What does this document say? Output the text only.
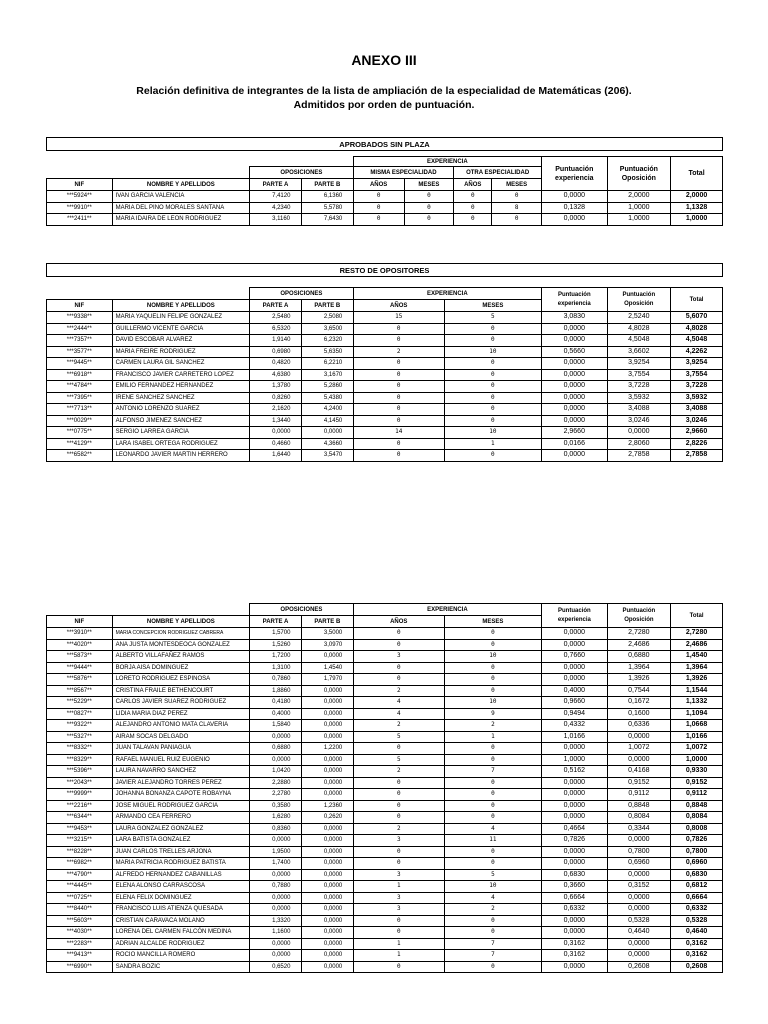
ANEXO III
Relación definitiva de integrantes de la lista de ampliación de la especialidad de Matemáticas (206).
Admitidos por orden de puntuación.
APROBADOS SIN PLAZA										

				EXPERIENCIA				Puntuación experiencia	Puntuación Oposición	Total
		OPOSICIONES		MISMA ESPECIALIDAD		OTRA ESPECIALIDAD				
NIF	NOMBRE Y APELLIDOS	PARTE A	PARTE B	AÑOS	MESES	AÑOS	MESES			
***5924**	IVAN GARCIA VALENCIA	7,4120	6,1360	0	0	0	0	0,0000	2,0000	2,0000
***9910**	MARIA DEL PINO MORALES SANTANA	4,2340	5,5780	0	0	0	8	0,1328	1,0000	1,1328
***2411**	MARIA IDAIRA DE LEON RODRIGUEZ	3,1160	7,6430	0	0	0	0	0,0000	1,0000	1,0000
RESTO DE OPOSITORES								

		OPOSICIONES		EXPERIENCIA		Puntuación experiencia	Puntuación Oposición	Total
NIF	NOMBRE Y APELLIDOS	PARTE A	PARTE B	AÑOS	MESES			
***9338**	MARIA YAQUELIN FELIPE GONZALEZ	2,5480	2,5080	15	5	3,0830	2,5240	5,6070
***2444**	GUILLERMO VICENTE GARCIA	6,5320	3,6500	0	0	0,0000	4,8028	4,8028
***7357**	DAVID ESCOBAR ALVAREZ	1,9140	6,2320	0	0	0,0000	4,5048	4,5048
***3577**	MARIA FREIRE RODRIGUEZ	0,6980	5,6350	2	10	0,5660	3,6602	4,2262
***9445**	CARMEN LAURA GIL SANCHEZ	0,4820	6,2210	0	0	0,0000	3,9254	3,9254
***6918**	FRANCISCO JAVIER CARRETERO LOPEZ	4,6380	3,1670	0	0	0,0000	3,7554	3,7554
***4784**	EMILIO FERNANDEZ HERNANDEZ	1,3780	5,2860	0	0	0,0000	3,7228	3,7228
***7395**	IRENE SANCHEZ SANCHEZ	0,8260	5,4380	0	0	0,0000	3,5932	3,5932
***7713**	ANTONIO LORENZO SUAREZ	2,1620	4,2400	0	0	0,0000	3,4088	3,4088
***0029**	ALFONSO JIMENEZ SANCHEZ	1,3440	4,1450	0	0	0,0000	3,0246	3,0246
***0775**	SERGIO LARREA GARCIA	0,0000	0,0000	14	10	2,9660	0,0000	2,9660
***4129**	LARA ISABEL ORTEGA RODRIGUEZ	0,4660	4,3660	0	1	0,0166	2,8060	2,8226
***6582**	LEONARDO JAVIER MARTIN HERRERO	1,6440	3,5470	0	0	0,0000	2,7858	2,7858
		OPOSICIONES		EXPERIENCIA		Puntuación experiencia	Puntuación Oposición	Total
NIF	NOMBRE Y APELLIDOS	PARTE A	PARTE B	AÑOS	MESES			
***3910**	MARIA CONCEPCION RODRIGUEZ CABRERA	1,5700	3,5000	0	0	0,0000	2,7280	2,7280
***4020**	ANA JUSTA MONTESDEOCA GONZALEZ	1,5260	3,0970	0	0	0,0000	2,4686	2,4686
***5873**	ALBERTO VILLAFAÑEZ RAMOS	1,7200	0,0000	3	10	0,7660	0,6880	1,4540
***9444**	BORJA AISA DOMINGUEZ	1,3100	1,4540	0	0	0,0000	1,3964	1,3964
***5876**	LORETO RODRIGUEZ ESPINOSA	0,7860	1,7970	0	0	0,0000	1,3926	1,3926
***8567**	CRISTINA FRAILE BETHENCOURT	1,8860	0,0000	2	0	0,4000	0,7544	1,1544
***5229**	CARLOS JAVIER SUAREZ RODRIGUEZ	0,4180	0,0000	4	10	0,9660	0,1672	1,1332
***0827**	LIDIA MARIA DIAZ PEREZ	0,4000	0,0000	4	9	0,9494	0,1600	1,1094
***9322**	ALEJANDRO ANTONIO MATA CLAVERIA	1,5840	0,0000	2	2	0,4332	0,6336	1,0668
***5327**	AIRAM SOCAS DELGADO	0,0000	0,0000	5	1	1,0166	0,0000	1,0166
***8332**	JUAN TALAVAN PANIAGUA	0,6880	1,2200	0	0	0,0000	1,0072	1,0072
***8329**	RAFAEL MANUEL RUIZ EUGENIO	0,0000	0,0000	5	0	1,0000	0,0000	1,0000
***5396**	LAURA NAVARRO SANCHEZ	1,0420	0,0000	2	7	0,5162	0,4168	0,9330
***2043**	JAVIER ALEJANDRO TORRES PEREZ	2,2880	0,0000	0	0	0,0000	0,9152	0,9152
***9999**	JOHANNA BONANZA CAPOTE ROBAYNA	2,2780	0,0000	0	0	0,0000	0,9112	0,9112
***2216**	JOSE MIGUEL RODRIGUEZ GARCIA	0,3580	1,2360	0	0	0,0000	0,8848	0,8848
***6344**	ARMANDO CEA FERRERO	1,6280	0,2620	0	0	0,0000	0,8084	0,8084
***9453**	LAURA GONZALEZ GONZALEZ	0,8360	0,0000	2	4	0,4664	0,3344	0,8008
***3215**	LARA BATISTA GONZALEZ	0,0000	0,0000	3	11	0,7826	0,0000	0,7826
***8228**	JUAN CARLOS TRELLES ARJONA	1,9500	0,0000	0	0	0,0000	0,7800	0,7800
***6982**	MARIA PATRICIA RODRIGUEZ BATISTA	1,7400	0,0000	0	0	0,0000	0,6960	0,6960
***4790**	ALFREDO HERNANDEZ CABANILLAS	0,0000	0,0000	3	5	0,6830	0,0000	0,6830
***4445**	ELENA ALONSO CARRASCOSA	0,7880	0,0000	1	10	0,3660	0,3152	0,6812
***0725**	ELENA FELIX DOMINGUEZ	0,0000	0,0000	3	4	0,6664	0,0000	0,6664
***8440**	FRANCISCO LUIS ATIENZA QUESADA	0,0000	0,0000	3	2	0,6332	0,0000	0,6332
***5603**	CRISTIAN CARAVACA MOLANO	1,3320	0,0000	0	0	0,0000	0,5328	0,5328
***4030**	LORENA DEL CARMEN FALCÓN MEDINA	1,1600	0,0000	0	0	0,0000	0,4640	0,4640
***2283**	ADRIAN ALCALDE RODRIGUEZ	0,0000	0,0000	1	7	0,3162	0,0000	0,3162
***9413**	ROCIO MANCILLA ROMERO	0,0000	0,0000	1	7	0,3162	0,0000	0,3162
***6990**	SANDRA BOZIC	0,6520	0,0000	0	0	0,0000	0,2608	0,2608
